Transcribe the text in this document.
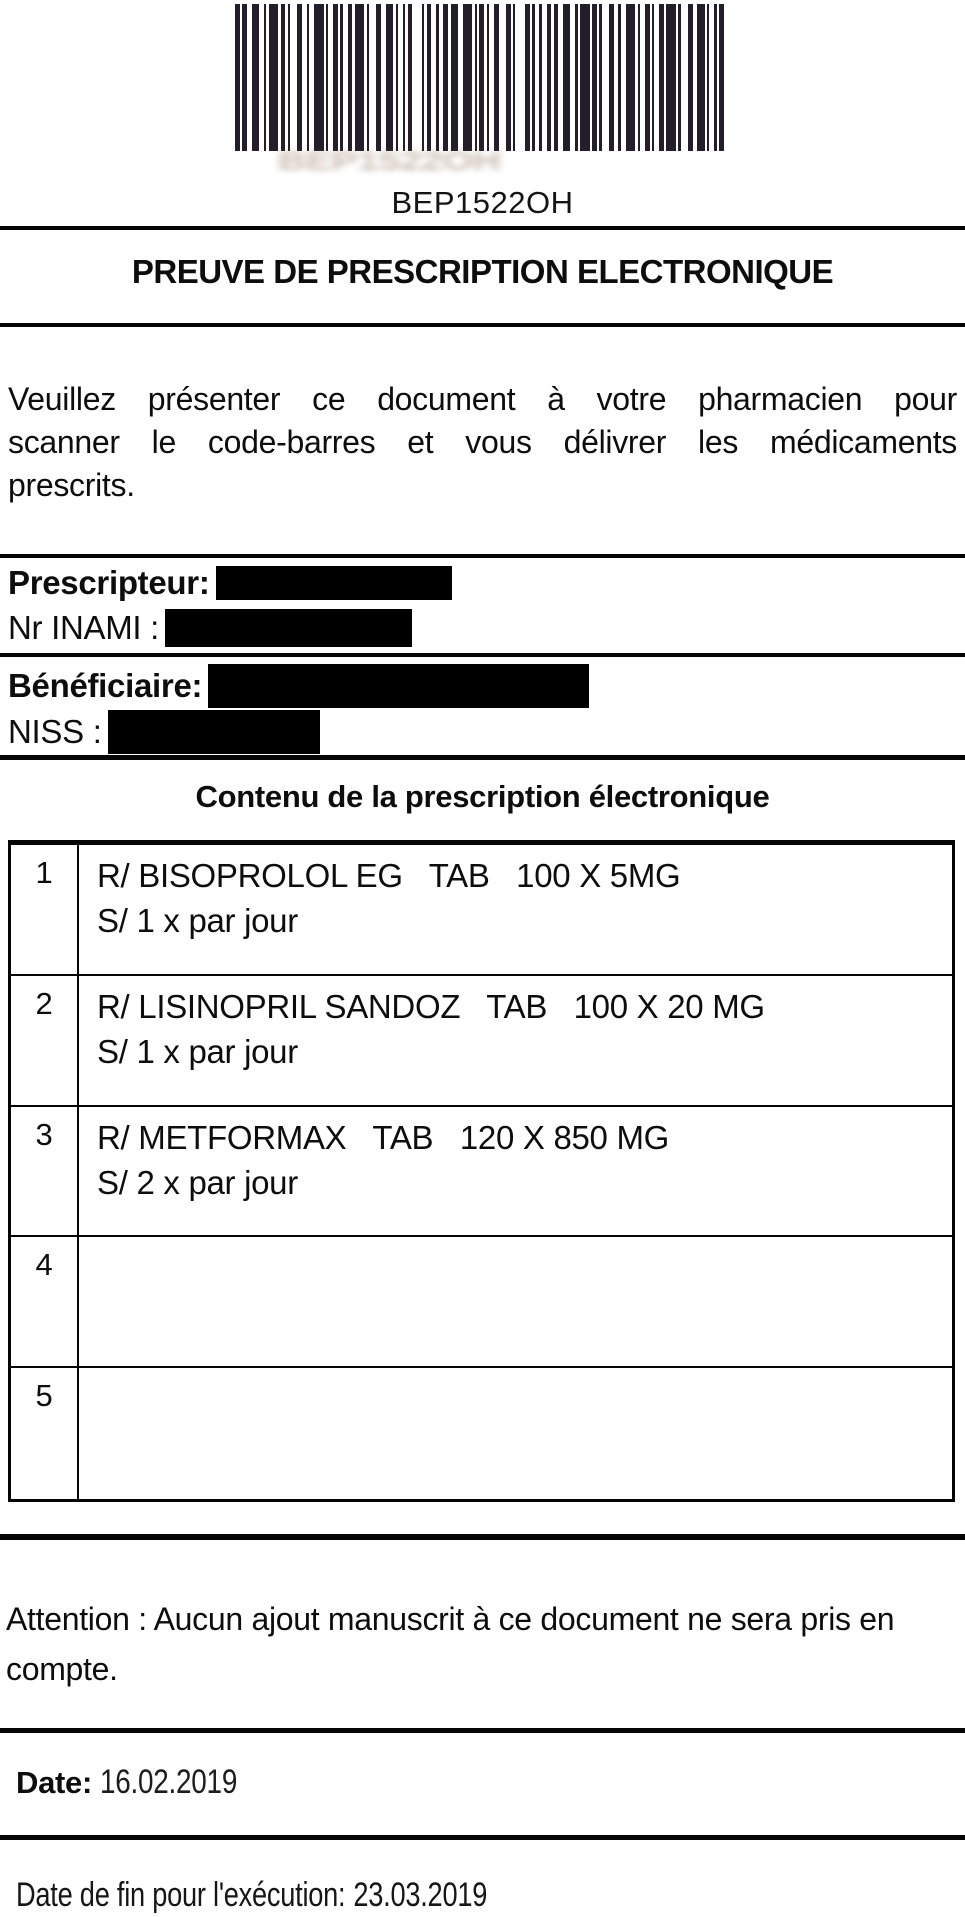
BEP1522OH
BEP1522OH
PREUVE DE PRESCRIPTION ELECTRONIQUE
Veuillez présenter ce document à votre pharmacien pour
scanner le code-barres et vous délivrer les médicaments
prescrits.
Prescripteur:
Nr INAMI :
Bénéficiaire:
NISS :
Contenu de la prescription électronique
1	R/ BISOPROLOL EG   TAB   100 X 5MG
S/ 1 x par jour
2	R/ LISINOPRIL SANDOZ   TAB   100 X 20 MG
S/ 1 x par jour
3	R/ METFORMAX   TAB   120 X 850 MG
S/ 2 x par jour
4
5
Attention : Aucun ajout manuscrit à ce document ne sera pris en
compte.
Date: 16.02.2019
Date de fin pour l'exécution: 23.03.2019
